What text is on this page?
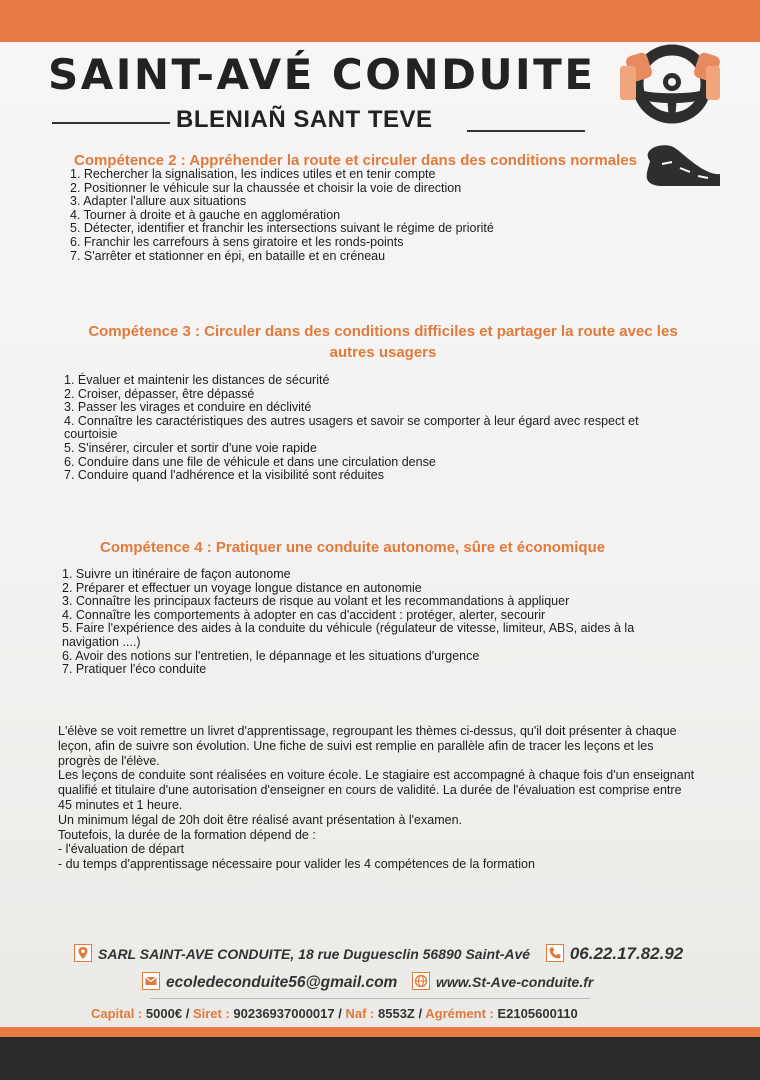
SAINT-AVÉ CONDUITE
BLENIAÑ SANT TEVE
Compétence 2 : Appréhender la route et circuler dans des conditions normales
1. Rechercher la signalisation, les indices utiles et en tenir compte
2. Positionner le véhicule sur la chaussée et choisir la voie de direction
3. Adapter l'allure aux situations
4. Tourner à droite et à gauche en agglomération
5. Détecter, identifier et franchir les intersections suivant le régime de priorité
6. Franchir les carrefours à sens giratoire et les ronds-points
7. S'arrêter et stationner en épi, en bataille et en créneau
Compétence 3 : Circuler dans des conditions difficiles et partager la route avec les autres usagers
1. Évaluer et maintenir les distances de sécurité
2. Croiser, dépasser, être dépassé
3. Passer les virages et conduire en déclivité
4. Connaître les caractéristiques des autres usagers et savoir se comporter à leur égard avec respect et courtoisie
5. S'insérer, circuler et sortir d'une voie rapide
6. Conduire dans une file de véhicule et dans une circulation dense
7. Conduire quand l'adhérence et la visibilité sont réduites
Compétence 4 : Pratiquer une conduite autonome, sûre et économique
1. Suivre un itinéraire de façon autonome
2. Préparer et effectuer un voyage longue distance en autonomie
3. Connaître les principaux facteurs de risque au volant et les recommandations à appliquer
4. Connaître les comportements à adopter en cas d'accident : protéger, alerter, secourir
5. Faire l'expérience des aides à la conduite du véhicule (régulateur de vitesse, limiteur, ABS, aides à la navigation ....)
6. Avoir des notions sur l'entretien, le dépannage et les situations d'urgence
7. Pratiquer l'éco conduite

L'élève se voit remettre un livret d'apprentissage, regroupant les thèmes ci-dessus, qu'il doit présenter à chaque leçon, afin de suivre son évolution. Une fiche de suivi est remplie en parallèle afin de tracer les leçons et les progrès de l'élève.

Les leçons de conduite sont réalisées en voiture école. Le stagiaire est accompagné à chaque fois d'un enseignant qualifié et titulaire d'une autorisation d'enseigner en cours de validité. La durée de l'évaluation est comprise entre 45 minutes et 1 heure.

Un minimum légal de 20h doit être réalisé avant présentation à l'examen.

Toutefois, la durée de la formation dépend de :

- l'évaluation de départ

- du temps d'apprentissage nécessaire pour valider les 4 compétences de la formation

SARL SAINT-AVE CONDUITE, 18 rue Duguesclin 56890 Saint-Avé 06.22.17.82.92
ecoledeconduite56@gmail.com	www.St-Ave-conduite.fr
Capital : 5000€ / Siret : 90236937000017 / Naf : 8553Z / Agrément : E2105600110
